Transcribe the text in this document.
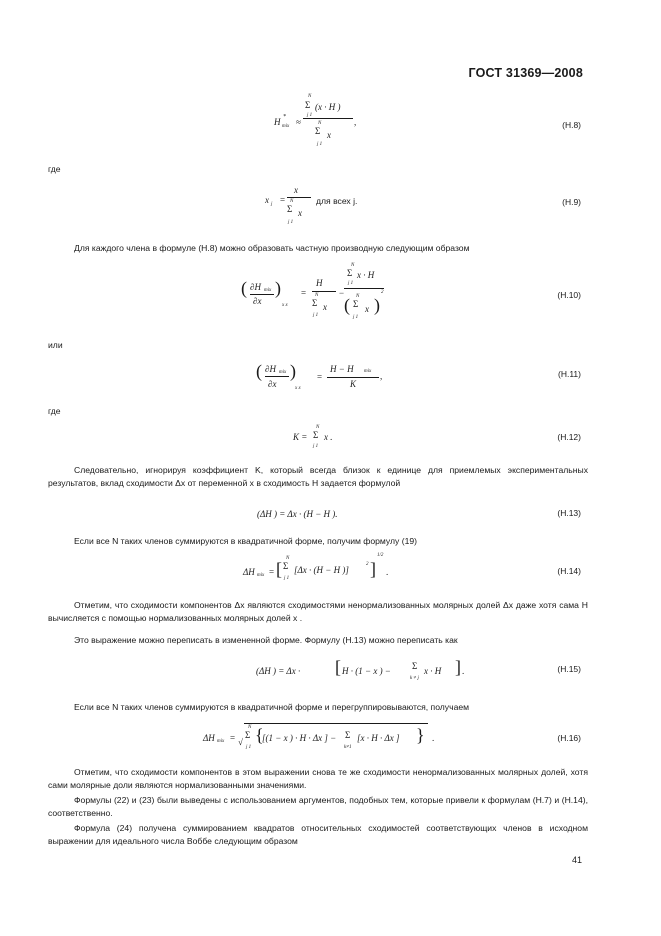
ГОСТ 31369—2008
H *
mix ≈
N
Σ (x · H )
j 1
N
Σ x
j 1
,	(Н.8)
где
x j =
x
N
Σ x
j 1
для всех j.	(Н.9)
Для каждого члена в формуле (Н.8) можно образовать частную производную следующим образом
( ∂H mix
∂x
)
x x
=
H
N
Σ x
j 1
−
N
Σ x · H
j 1
( N
Σ x
j 1
)
2	(Н.10)
или
( ∂H mix
∂x
)
x x
=
H − H mix
K
,	(Н.11)
где
K =
N
Σ x .
j 1
(Н.12)
Следовательно, игнорируя коэффициент K, который всегда близок к единице для приемлемых экспериментальных результатов, вклад сходимости Δx от переменной x в сходимость H задается формулой
(ΔH ) = Δx · (H − H ).	(Н.13)
Если все N таких членов суммируются в квадратичной форме, получим формулу (19)
ΔH mix = [
N
Σ [Δx · (H − H )]
2
j 1	]
1/2
.	(Н.14)
Отметим, что сходимости компонентов Δx являются сходимостями ненормализованных молярных долей Δx даже хотя сама H вычисляется с помощью нормализованных молярных долей x .
Это выражение можно переписать в измененной форме. Формулу (Н.13) можно переписать как
(ΔH ) = Δx · [ H · (1 − x ) − Σ
k ≠ j
x · H ] .	(Н.15)
Если все N таких членов суммируются в квадратичной форме и перегруппировываются, получаем
ΔH mix = √
N
Σ
j 1
{
[(1 − x ) · H · Δx ] − Σ
k≠1
[x · H · Δx ] } .	(Н.16)
Отметим, что сходимости компонентов в этом выражении снова те же сходимости ненормализованных молярных долей, хотя сами молярные доли являются нормализованными значениями.
Формулы (22) и (23) были выведены с использованием аргументов, подобных тем, которые привели к формулам (Н.7) и (Н.14), соответственно.
Формула (24) получена суммированием квадратов относительных сходимостей соответствующих членов в исходном выражении для идеального числа Воббе следующим образом
41
